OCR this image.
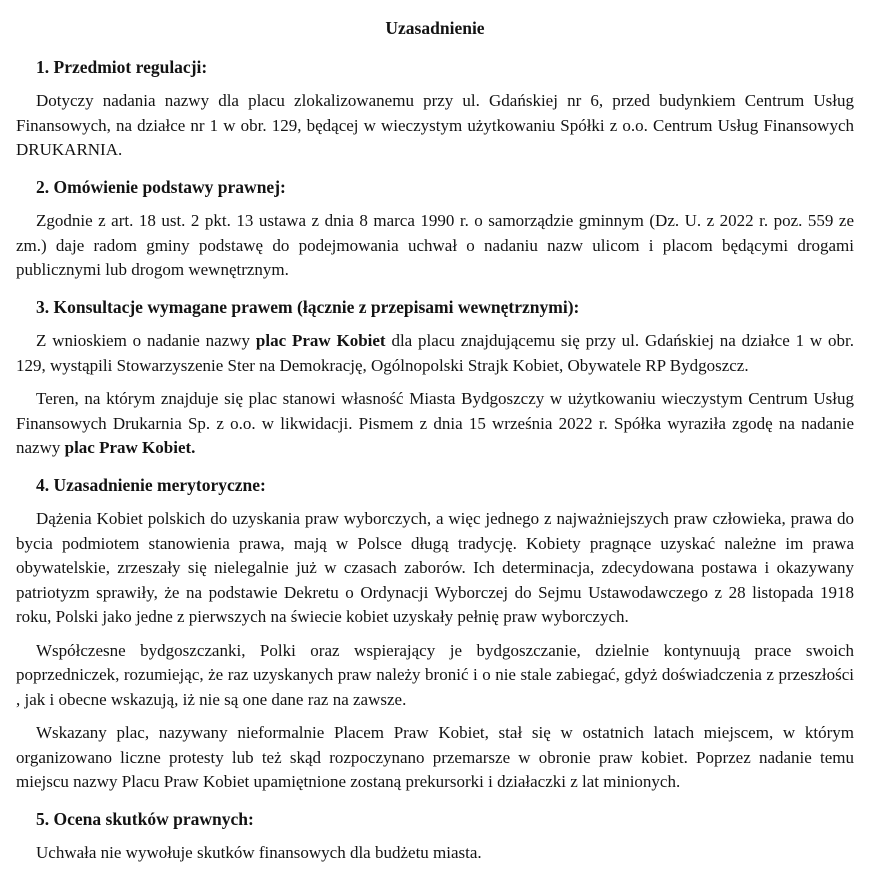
Uzasadnienie
1. Przedmiot regulacji:

Dotyczy nadania nazwy dla placu zlokalizowanemu przy ul. Gdańskiej nr 6, przed budynkiem Centrum Usług Finansowych, na działce nr 1 w obr. 129, będącej w wieczystym użytkowaniu Spółki z o.o. Centrum Usług Finansowych DRUKARNIA.

2. Omówienie podstawy prawnej:

Zgodnie z art. 18 ust. 2 pkt. 13 ustawa z dnia 8 marca 1990 r. o samorządzie gminnym (Dz. U. z 2022 r. poz. 559 ze zm.) daje radom gminy podstawę do podejmowania uchwał o nadaniu nazw ulicom i placom będącymi drogami publicznymi lub drogom wewnętrznym.

3. Konsultacje wymagane prawem (łącznie z przepisami wewnętrznymi):

Z wnioskiem o nadanie nazwy plac Praw Kobiet dla placu znajdującemu się przy ul. Gdańskiej na działce 1 w obr. 129, wystąpili Stowarzyszenie Ster na Demokrację, Ogólnopolski Strajk Kobiet, Obywatele RP Bydgoszcz.

Teren, na którym znajduje się plac stanowi własność Miasta Bydgoszczy w użytkowaniu wieczystym Centrum Usług Finansowych Drukarnia Sp. z o.o. w likwidacji. Pismem z dnia 15 września 2022 r. Spółka wyraziła zgodę na nadanie nazwy plac Praw Kobiet.

4. Uzasadnienie merytoryczne:

Dążenia Kobiet polskich do uzyskania praw wyborczych, a więc jednego z najważniejszych praw człowieka, prawa do bycia podmiotem stanowienia prawa, mają w Polsce długą tradycję. Kobiety pragnące uzyskać należne im prawa obywatelskie, zrzeszały się nielegalnie już w czasach zaborów. Ich determinacja, zdecydowana postawa i okazywany patriotyzm sprawiły, że na podstawie Dekretu o Ordynacji Wyborczej do Sejmu Ustawodawczego z 28 listopada 1918 roku, Polski jako jedne z pierwszych na świecie kobiet uzyskały pełnię praw wyborczych.

Współczesne bydgoszczanki, Polki oraz wspierający je bydgoszczanie, dzielnie kontynuują prace swoich poprzedniczek, rozumiejąc, że raz uzyskanych praw należy bronić i o nie stale zabiegać, gdyż doświadczenia z przeszłości , jak i obecne wskazują, iż nie są one dane raz na zawsze.

Wskazany plac, nazywany nieformalnie Placem Praw Kobiet, stał się w ostatnich latach miejscem, w którym organizowano liczne protesty lub też skąd rozpoczynano przemarsze w obronie praw kobiet. Poprzez nadanie temu miejscu nazwy Placu Praw Kobiet upamiętnione zostaną prekursorki i działaczki z lat minionych.

5. Ocena skutków prawnych:

Uchwała nie wywołuje skutków finansowych dla budżetu miasta.
